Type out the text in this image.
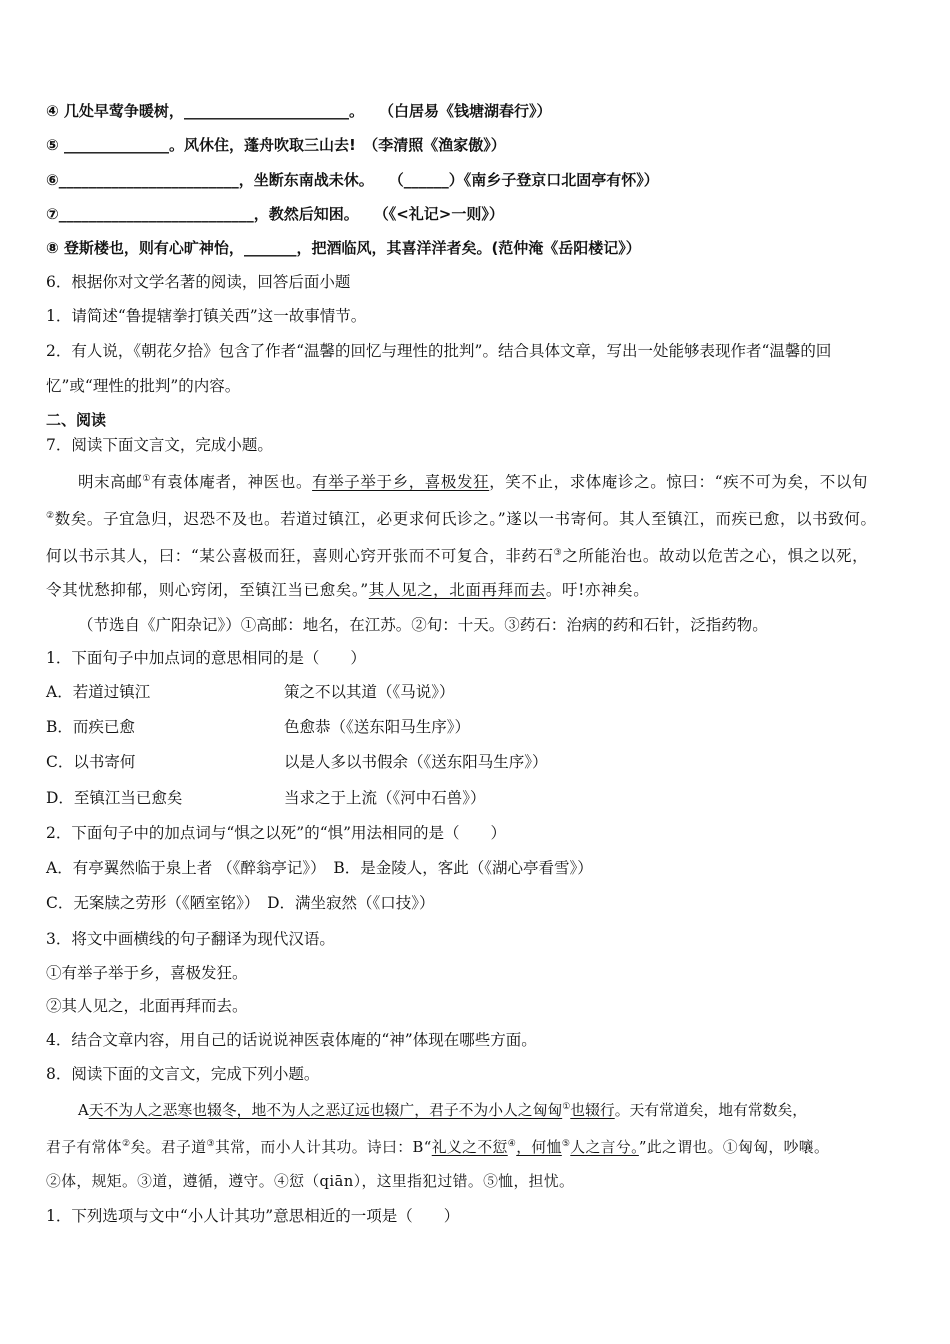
④ 几处早莺争暖树，______________________。　　 （白居易《钱塘湖春行》）
⑤ ______________。风休住，蓬舟吹取三山去!　 （李清照《渔家傲》）
⑥________________________，坐断东南战未休。　　 （______）《南乡子登京口北固亭有怀》）
⑦__________________________，教然后知困。　　 （《<礼记>一则》）
⑧ 登斯楼也，则有心旷神怡，_______，把酒临风，其喜洋洋者矣。(范仲淹《岳阳楼记》）
6．根据你对文学名著的阅读，回答后面小题
1．请简述“鲁提辖拳打镇关西”这一故事情节。
2．有人说，《朝花夕拾》包含了作者“温馨的回忆与理性的批判”。结合具体文章，写出一处能够表现作者“温馨的回
忆”或“理性的批判”的内容。
二、阅读
7．阅读下面文言文，完成小题。
明末高邮①有袁体庵者，神医也。有举子举于乡，喜极发狂，笑不止，求体庵诊之。惊曰：“疾不可为矣，不以旬
②数矣。子宜急归，迟恐不及也。若道过镇江，必更求何氏诊之。”遂以一书寄何。其人至镇江，而疾已愈，以书致何。
何以书示其人，曰：“某公喜极而狂，喜则心窍开张而不可复合，非药石③之所能治也。故动以危苦之心，惧之以死，
令其忧愁抑郁，则心窍闭，至镇江当已愈矣。”其人见之，北面再拜而去。吁!亦神矣。
（节选自《广阳杂记》）①高邮：地名，在江苏。②旬：十天。③药石：治病的药和石针，泛指药物。
1．下面句子中加点词的意思相同的是（　　）
A．若道过镇江	策之不以其道（《马说》）
B．而疾已愈	色愈恭（《送东阳马生序》）
C．以书寄何	以是人多以书假余（《送东阳马生序》）
D．至镇江当已愈矣	当求之于上流（《河中石兽》）
2．下面句子中的加点词与“惧之以死”的“惧”用法相同的是（　　）
A．有亭翼然临于泉上者 （《醉翁亭记》）　B．是金陵人，客此（《湖心亭看雪》）
C．无案牍之劳形（《陋室铭》）　D．满坐寂然（《口技》）
3．将文中画横线的句子翻译为现代汉语。
①有举子举于乡，喜极发狂。
②其人见之，北面再拜而去。
4．结合文章内容，用自己的话说说神医袁体庵的“神”体现在哪些方面。
8．阅读下面的文言文，完成下列小题。
A天不为人之恶寒也辍冬，地不为人之恶辽远也辍广，君子不为小人之匈匈①也辍行。天有常道矣，地有常数矣，
君子有常体②矣。君子道③其常，而小人计其功。诗曰：B“礼义之不愆④，何恤⑤人之言兮。”此之谓也。①匈匈，吵嚷。
②体，规矩。③道，遵循，遵守。④愆（qiān），这里指犯过错。⑤恤，担忧。
1．下列选项与文中“小人计其功”意思相近的一项是（　　）
